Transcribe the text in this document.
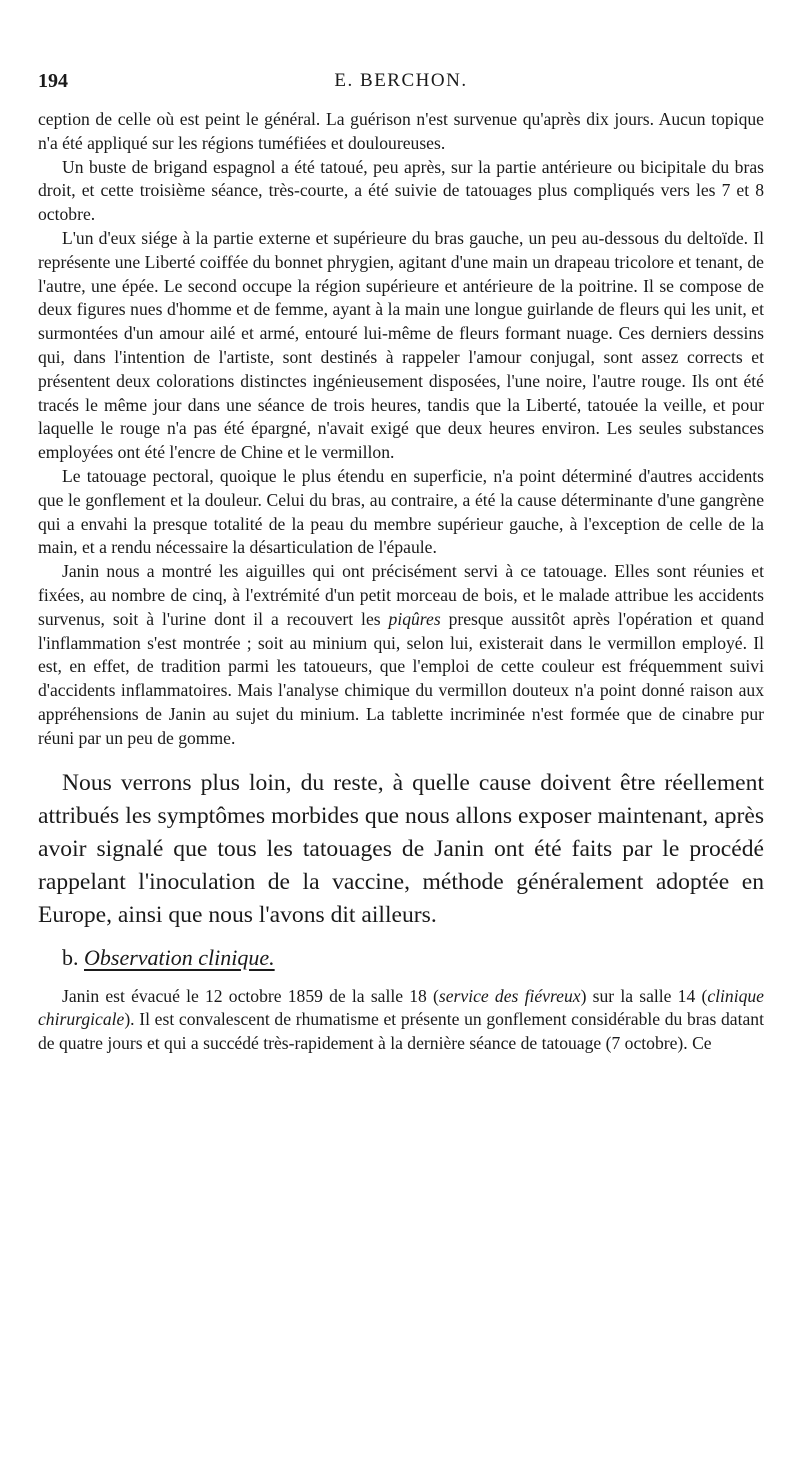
194	E. BERCHON.

ception de celle où est peint le général. La guérison n'est survenue qu'après dix jours. Aucun topique n'a été appliqué sur les régions tuméfiées et douloureuses.

Un buste de brigand espagnol a été tatoué, peu après, sur la partie antérieure ou bicipitale du bras droit, et cette troisième séance, très-courte, a été suivie de tatouages plus compliqués vers les 7 et 8 octobre.

L'un d'eux siége à la partie externe et supérieure du bras gauche, un peu au-dessous du deltoïde. Il représente une Liberté coiffée du bonnet phrygien, agitant d'une main un drapeau tricolore et tenant, de l'autre, une épée. Le second occupe la région supérieure et antérieure de la poitrine. Il se compose de deux figures nues d'homme et de femme, ayant à la main une longue guirlande de fleurs qui les unit, et surmontées d'un amour ailé et armé, entouré lui-même de fleurs formant nuage. Ces derniers dessins qui, dans l'intention de l'artiste, sont destinés à rappeler l'amour conjugal, sont assez corrects et présentent deux colorations distinctes ingénieusement disposées, l'une noire, l'autre rouge. Ils ont été tracés le même jour dans une séance de trois heures, tandis que la Liberté, tatouée la veille, et pour laquelle le rouge n'a pas été épargné, n'avait exigé que deux heures environ. Les seules substances employées ont été l'encre de Chine et le vermillon.

Le tatouage pectoral, quoique le plus étendu en superficie, n'a point déterminé d'autres accidents que le gonflement et la douleur. Celui du bras, au contraire, a été la cause déterminante d'une gangrène qui a envahi la presque totalité de la peau du membre supérieur gauche, à l'exception de celle de la main, et a rendu nécessaire la désarticulation de l'épaule.

Janin nous a montré les aiguilles qui ont précisément servi à ce tatouage. Elles sont réunies et fixées, au nombre de cinq, à l'extrémité d'un petit morceau de bois, et le malade attribue les accidents survenus, soit à l'urine dont il a recouvert les piqûres presque aussitôt après l'opération et quand l'inflammation s'est montrée ; soit au minium qui, selon lui, existerait dans le vermillon employé. Il est, en effet, de tradition parmi les tatoueurs, que l'emploi de cette couleur est fréquemment suivi d'accidents inflammatoires. Mais l'analyse chimique du vermillon douteux n'a point donné raison aux appréhensions de Janin au sujet du minium. La tablette incriminée n'est formée que de cinabre pur réuni par un peu de gomme.

Nous verrons plus loin, du reste, à quelle cause doivent être réellement attribués les symptômes morbides que nous allons exposer maintenant, après avoir signalé que tous les tatouages de Janin ont été faits par le procédé rappelant l'inoculation de la vaccine, méthode généralement adoptée en Europe, ainsi que nous l'avons dit ailleurs.

b. Observation clinique.

Janin est évacué le 12 octobre 1859 de la salle 18 (service des fiévreux) sur la salle 14 (clinique chirurgicale). Il est convalescent de rhumatisme et présente un gonflement considérable du bras datant de quatre jours et qui a succédé très-rapidement à la dernière séance de tatouage (7 octobre). Ce
